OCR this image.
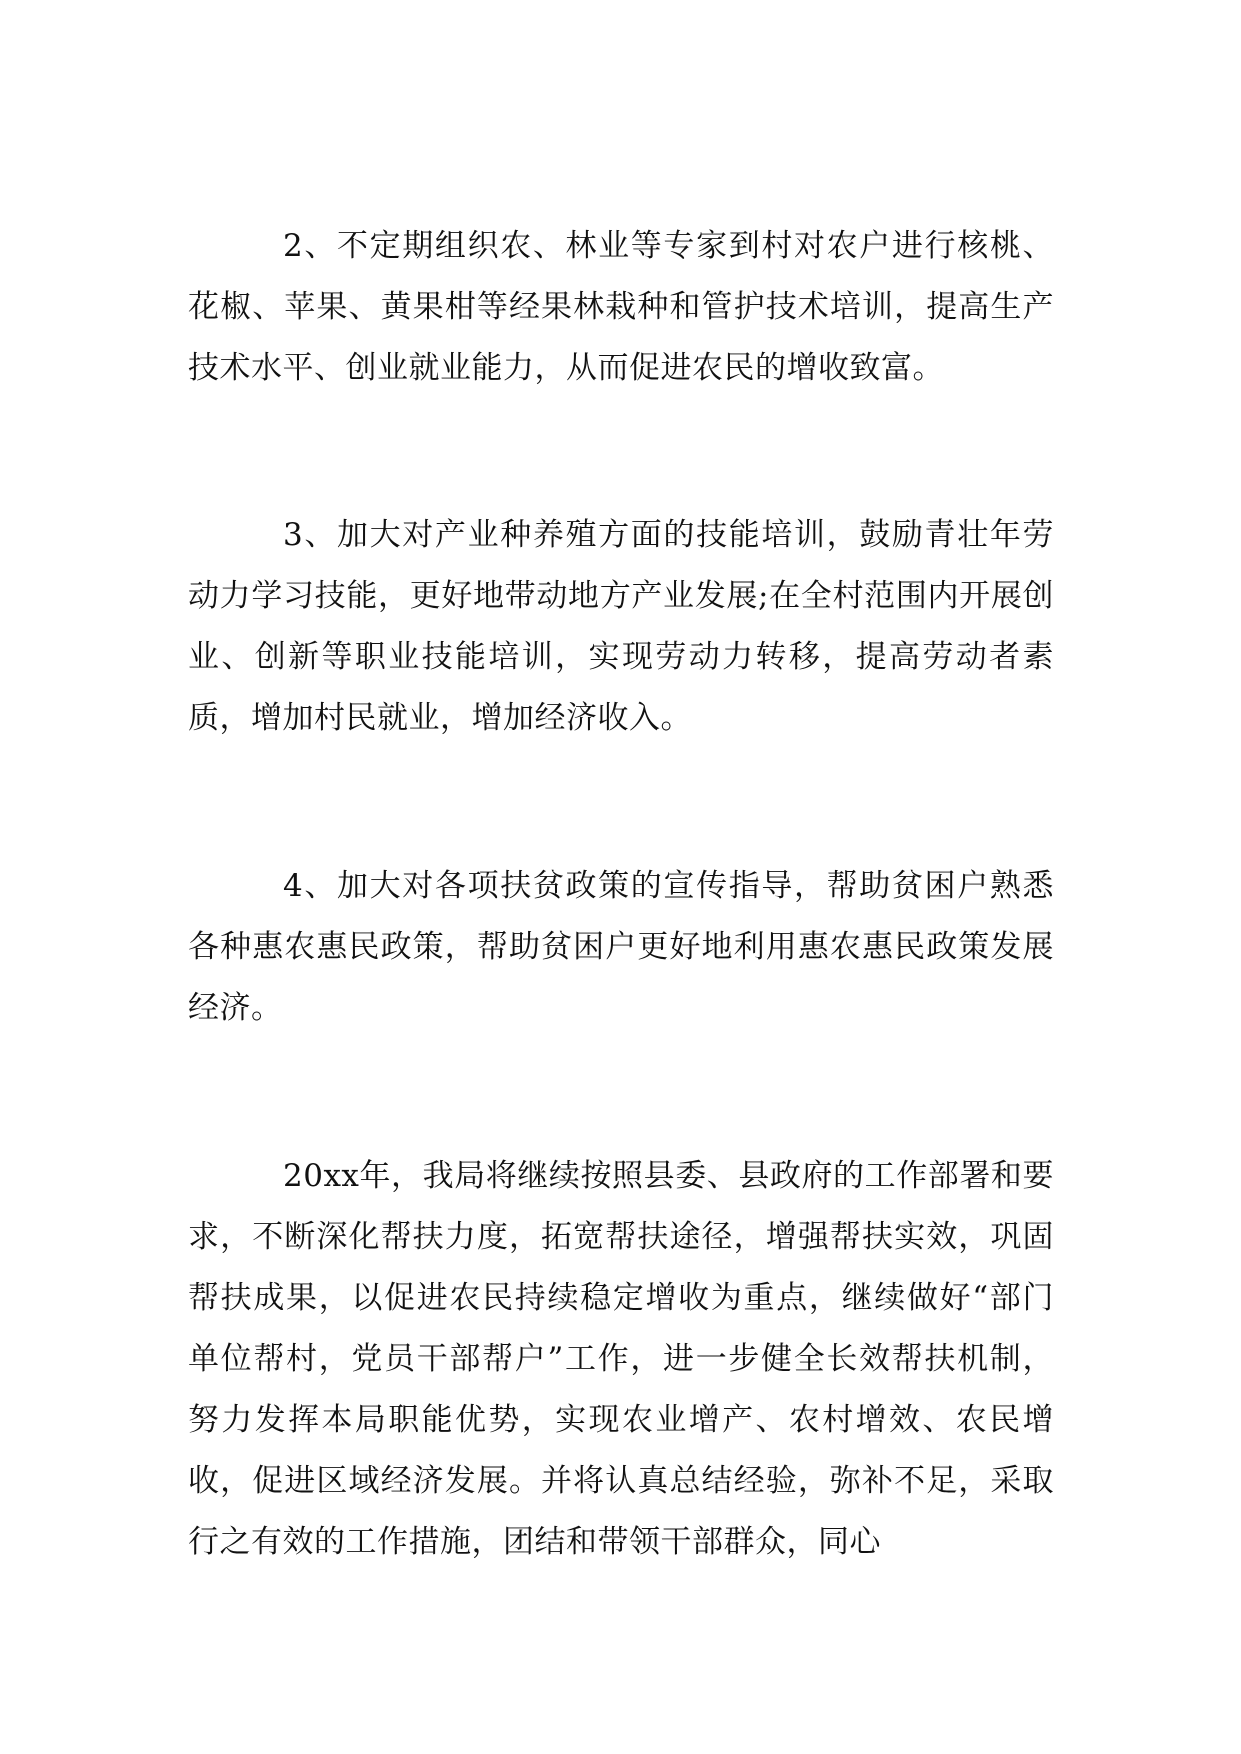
2、不定期组织农、林业等专家到村对农户进行核桃、花椒、苹果、黄果柑等经果林栽种和管护技术培训，提高生产技术水平、创业就业能力，从而促进农民的增收致富。

3、加大对产业种养殖方面的技能培训，鼓励青壮年劳动力学习技能，更好地带动地方产业发展;在全村范围内开展创业、创新等职业技能培训，实现劳动力转移，提高劳动者素质，增加村民就业，增加经济收入。

4、加大对各项扶贫政策的宣传指导，帮助贫困户熟悉各种惠农惠民政策，帮助贫困户更好地利用惠农惠民政策发展经济。

20xx年，我局将继续按照县委、县政府的工作部署和要求，不断深化帮扶力度，拓宽帮扶途径，增强帮扶实效，巩固帮扶成果，以促进农民持续稳定增收为重点，继续做好“部门单位帮村，党员干部帮户”工作，进一步健全长效帮扶机制，努力发挥本局职能优势，实现农业增产、农村增效、农民增收，促进区域经济发展。并将认真总结经验，弥补不足，采取行之有效的工作措施，团结和带领干部群众，同心
